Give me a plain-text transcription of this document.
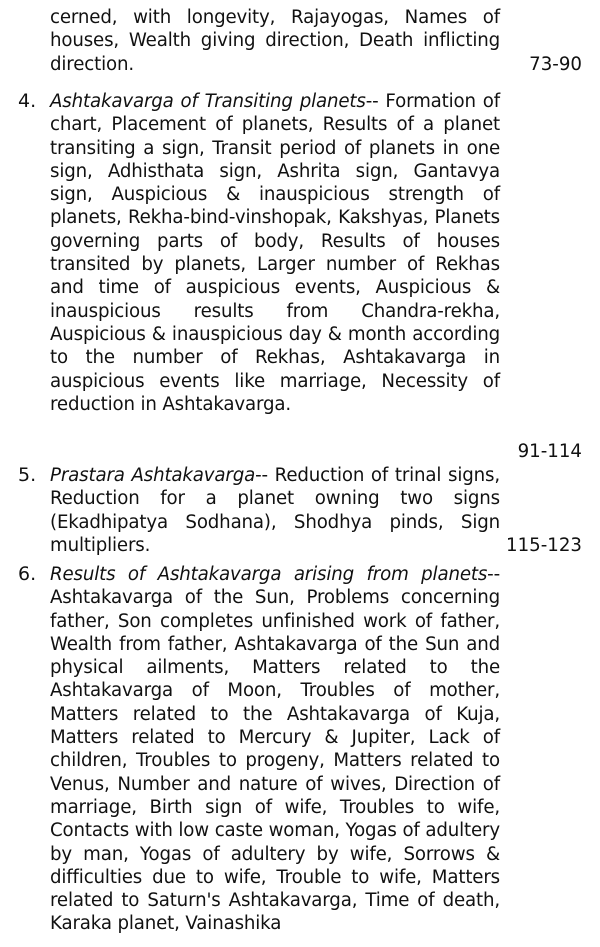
cerned, with longevity, Rajayogas, Names of houses, Wealth giving direction, Death inflicting direction.	73-90
4. Ashtakavarga of Transiting planets-- Formation of chart, Placement of planets, Results of a planet transiting a sign, Transit period of planets in one sign, Adhisthata sign, Ashrita sign, Gantavya sign, Auspicious & inauspicious strength of planets, Rekha-bind-vinshopak, Kakshyas, Planets governing parts of body, Results of houses transited by planets, Larger number of Rekhas and time of auspicious events, Auspicious & inauspicious results from Chandra-rekha, Auspicious & inauspicious day & month according to the number of Rekhas, Ashtakavarga in auspicious events like marriage, Necessity of reduction in Ashtakavarga.
91-114
5. Prastara Ashtakavarga-- Reduction of trinal signs, Reduction for a planet owning two signs (Ekadhipatya Sodhana), Shodhya pinds, Sign multipliers.	115-123
6. Results of Ashtakavarga arising from planets-- Ashtakavarga of the Sun, Problems concerning father, Son completes unfinished work of father, Wealth from father, Ashtakavarga of the Sun and physical ailments, Matters related to the Ashtakavarga of Moon, Troubles of mother, Matters related to the Ashtakavarga of Kuja, Matters related to Mercury & Jupiter, Lack of children, Troubles to progeny, Matters related to Venus, Number and nature of wives, Direction of marriage, Birth sign of wife, Troubles to wife, Contacts with low caste woman, Yogas of adultery by man, Yogas of adultery by wife, Sorrows & difficulties due to wife, Trouble to wife, Matters related to Saturn's Ashtakavarga, Time of death, Karaka planet, Vainashika
